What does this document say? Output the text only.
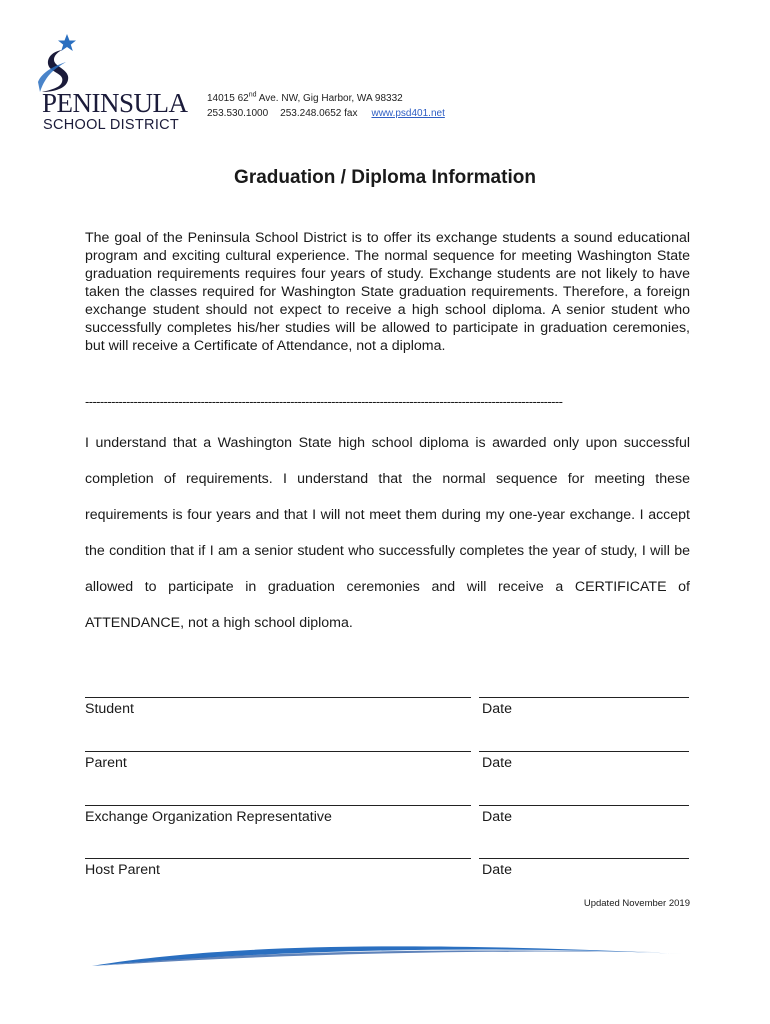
PENINSULA
SCHOOL DISTRICT
14015 62nd Ave. NW, Gig Harbor, WA 98332
253.530.1000 253.248.0652 fax www.psd401.net
Graduation / Diploma Information
The goal of the Peninsula School District is to offer its exchange students a sound educational program and exciting cultural experience. The normal sequence for meeting Washington State graduation requirements requires four years of study. Exchange students are not likely to have taken the classes required for Washington State graduation requirements. Therefore, a foreign exchange student should not expect to receive a high school diploma. A senior student who successfully completes his/her studies will be allowed to participate in graduation ceremonies, but will receive a Certificate of Attendance, not a diploma.
--------------------------------------------------------------------------------------------------------------------------------
I understand that a Washington State high school diploma is awarded only upon successful completion of requirements. I understand that the normal sequence for meeting these requirements is four years and that I will not meet them during my one-year exchange. I accept the condition that if I am a senior student who successfully completes the year of study, I will be allowed to participate in graduation ceremonies and will receive a CERTIFICATE of ATTENDANCE, not a high school diploma.
Student	Date
Parent	Date
Exchange Organization Representative	Date
Host Parent	Date
Updated November 2019
